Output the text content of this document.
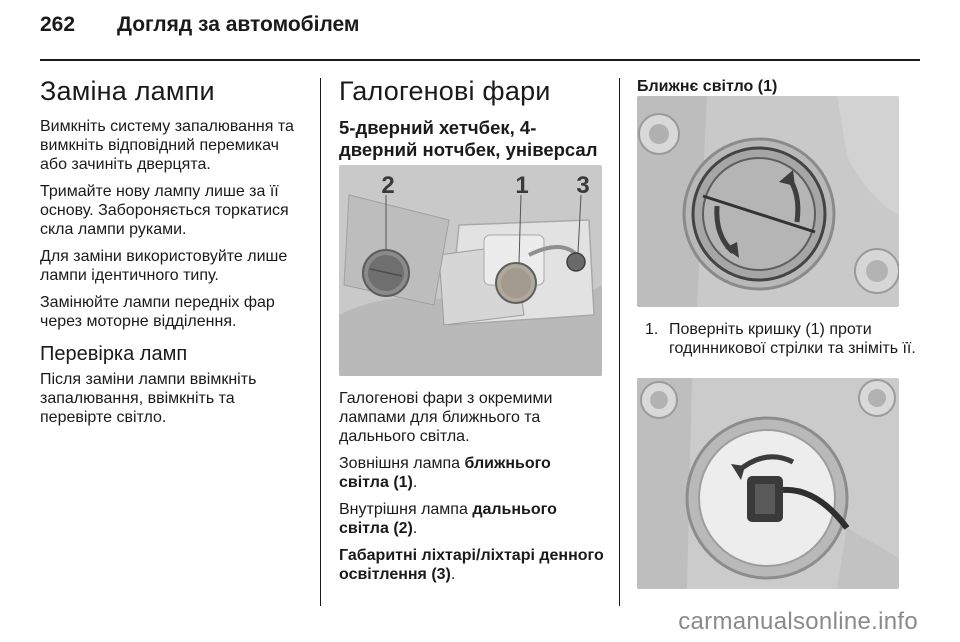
262 Догляд за автомобілем
Заміна лампи

Вимкніть систему запалювання та вимкніть відповідний перемикач або зачиніть дверцята.

Тримайте нову лампу лише за її основу. Забороняється торкатися скла лампи руками.

Для заміни використовуйте лише лампи ідентичного типу.

Замінюйте лампи передніх фар через моторне відділення.

Перевірка ламп

Після заміни лампи ввімкніть запалювання, ввімкніть та перевірте світло.

Галогенові фари
5-дверний хетчбек, 4-дверний нотчбек, універсал
2	1 3

Галогенові фари з окремими лампами для ближнього та дальнього світла.

Зовнішня лампа ближнього світла (1).

Внутрішня лампа дальнього світла (2).

Габаритні ліхтарі/ліхтарі денного освітлення (3).

Ближнє світло (1)
1. Поверніть кришку (1) проти годинникової стрілки та зніміть її.
carmanualsonline.info
